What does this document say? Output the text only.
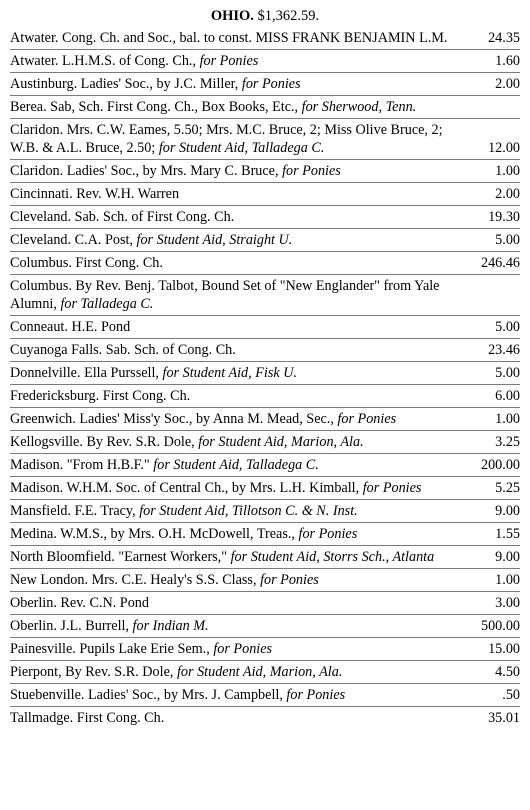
OHIO. $1,362.59.
Atwater. Cong. Ch. and Soc., bal. to const. MISS FRANK BENJAMIN L.M.	24.35
Atwater. L.H.M.S. of Cong. Ch., for Ponies	1.60
Austinburg. Ladies' Soc., by J.C. Miller, for Ponies	2.00
Berea. Sab, Sch. First Cong. Ch., Box Books, Etc., for Sherwood, Tenn.	
Claridon. Mrs. C.W. Eames, 5.50; Mrs. M.C. Bruce, 2; Miss Olive Bruce, 2; W.B. & A.L. Bruce, 2.50; for Student Aid, Talladega C.	12.00
Claridon. Ladies' Soc., by Mrs. Mary C. Bruce, for Ponies	1.00
Cincinnati. Rev. W.H. Warren	2.00
Cleveland. Sab. Sch. of First Cong. Ch.	19.30
Cleveland. C.A. Post, for Student Aid, Straight U.	5.00
Columbus. First Cong. Ch.	246.46
Columbus. By Rev. Benj. Talbot, Bound Set of "New Englander" from Yale Alumni, for Talladega C.	
Conneaut. H.E. Pond	5.00
Cuyanoga Falls. Sab. Sch. of Cong. Ch.	23.46
Donnelville. Ella Purssell, for Student Aid, Fisk U.	5.00
Fredericksburg. First Cong. Ch.	6.00
Greenwich. Ladies' Miss'y Soc., by Anna M. Mead, Sec., for Ponies	1.00
Kellogsville. By Rev. S.R. Dole, for Student Aid, Marion, Ala.	3.25
Madison. "From H.B.F." for Student Aid, Talladega C.	200.00
Madison. W.H.M. Soc. of Central Ch., by Mrs. L.H. Kimball, for Ponies	5.25
Mansfield. F.E. Tracy, for Student Aid, Tillotson C. & N. Inst.	9.00
Medina. W.M.S., by Mrs. O.H. McDowell, Treas., for Ponies	1.55
North Bloomfield. "Earnest Workers," for Student Aid, Storrs Sch., Atlanta	9.00
New London. Mrs. C.E. Healy's S.S. Class, for Ponies	1.00
Oberlin. Rev. C.N. Pond	3.00
Oberlin. J.L. Burrell, for Indian M.	500.00
Painesville. Pupils Lake Erie Sem., for Ponies	15.00
Pierpont, By Rev. S.R. Dole, for Student Aid, Marion, Ala.	4.50
Stuebenville. Ladies' Soc., by Mrs. J. Campbell, for Ponies	.50
Tallmadge. First Cong. Ch.	35.01
